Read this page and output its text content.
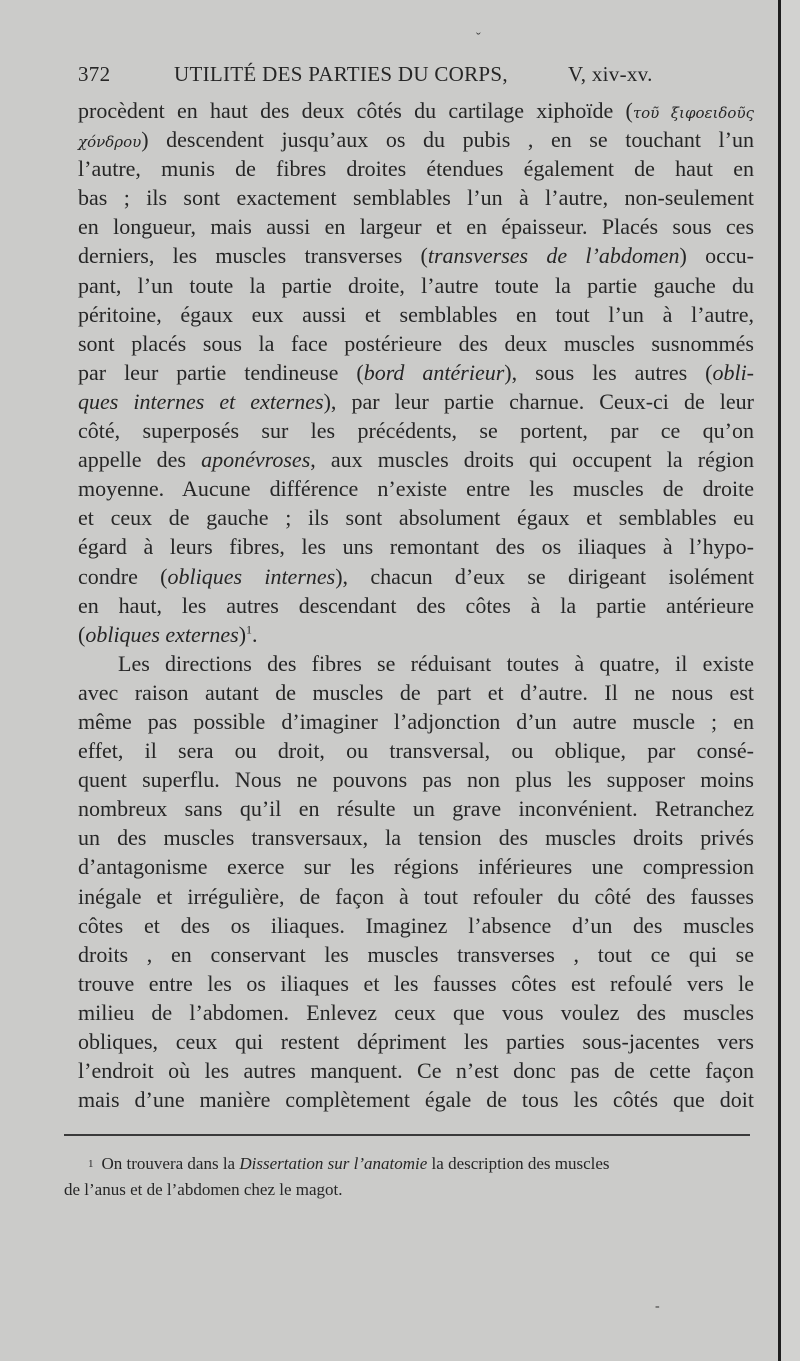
ˇ
372	UTILITÉ DES PARTIES DU CORPS,	V, xiv-xv.
procèdent en haut des deux côtés du cartilage xiphoïde (τοῦ ξιφοειδοῦς
χόνδρου) descendent jusqu’aux os du pubis , en se touchant l’un
l’autre, munis de fibres droites étendues également de haut en
bas ; ils sont exactement semblables l’un à l’autre, non-seulement
en longueur, mais aussi en largeur et en épaisseur. Placés sous ces
derniers, les muscles transverses (transverses de l’abdomen) occu-
pant, l’un toute la partie droite, l’autre toute la partie gauche du
péritoine, égaux eux aussi et semblables en tout l’un à l’autre,
sont placés sous la face postérieure des deux muscles susnommés
par leur partie tendineuse (bord antérieur), sous les autres (obli-
ques internes et externes), par leur partie charnue. Ceux-ci de leur
côté, superposés sur les précédents, se portent, par ce qu’on
appelle des aponévroses, aux muscles droits qui occupent la région
moyenne. Aucune différence n’existe entre les muscles de droite
et ceux de gauche ; ils sont absolument égaux et semblables eu
égard à leurs fibres, les uns remontant des os iliaques à l’hypo-
condre (obliques internes), chacun d’eux se dirigeant isolément
en haut, les autres descendant des côtes à la partie antérieure
(obliques externes)$^1$.
Les directions des fibres se réduisant toutes à quatre, il existe
avec raison autant de muscles de part et d’autre. Il ne nous est
même pas possible d’imaginer l’adjonction d’un autre muscle ; en
effet, il sera ou droit, ou transversal, ou oblique, par consé-
quent superflu. Nous ne pouvons pas non plus les supposer moins
nombreux sans qu’il en résulte un grave inconvénient. Retranchez
un des muscles transversaux, la tension des muscles droits privés
d’antagonisme exerce sur les régions inférieures une compression
inégale et irrégulière, de façon à tout refouler du côté des fausses
côtes et des os iliaques. Imaginez l’absence d’un des muscles
droits , en conservant les muscles transverses , tout ce qui se
trouve entre les os iliaques et les fausses côtes est refoulé vers le
milieu de l’abdomen. Enlevez ceux que vous voulez des muscles
obliques, ceux qui restent dépriment les parties sous-jacentes vers
l’endroit où les autres manquent. Ce n’est donc pas de cette façon
mais d’une manière complètement égale de tous les côtés que doit
$^1$ On trouvera dans la Dissertation sur l’anatomie la description des muscles
de l’anus et de l’abdomen chez le magot.
-
